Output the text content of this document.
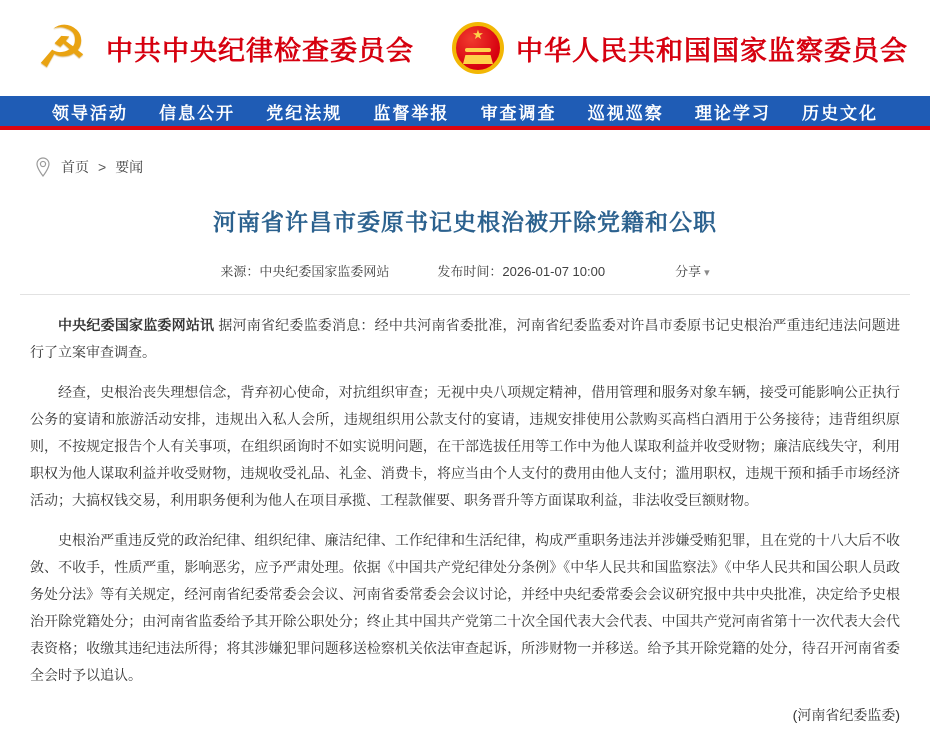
☭ 中共中央纪律检查委员会
★
中华人民共和国国家监察委员会
领导活动 信息公开 党纪法规 监督举报 审查调查 巡视巡察 理论学习 历史文化
首页 > 要闻
河南省许昌市委原书记史根治被开除党籍和公职
来源：中央纪委国家监委网站	发布时间：2026-01-07 10:00	分享 ▾

中央纪委国家监委网站讯 据河南省纪委监委消息：经中共河南省委批准，河南省纪委监委对许昌市委原书记史根治严重违纪违法问题进行了立案审查调查。

经查，史根治丧失理想信念，背弃初心使命，对抗组织审查；无视中央八项规定精神，借用管理和服务对象车辆，接受可能影响公正执行公务的宴请和旅游活动安排，违规出入私人会所，违规组织用公款支付的宴请，违规安排使用公款购买高档白酒用于公务接待；违背组织原则，不按规定报告个人有关事项，在组织函询时不如实说明问题，在干部选拔任用等工作中为他人谋取利益并收受财物；廉洁底线失守，利用职权为他人谋取利益并收受财物，违规收受礼品、礼金、消费卡，将应当由个人支付的费用由他人支付；滥用职权，违规干预和插手市场经济活动；大搞权钱交易，利用职务便利为他人在项目承揽、工程款催要、职务晋升等方面谋取利益，非法收受巨额财物。

史根治严重违反党的政治纪律、组织纪律、廉洁纪律、工作纪律和生活纪律，构成严重职务违法并涉嫌受贿犯罪，且在党的十八大后不收敛、不收手，性质严重，影响恶劣，应予严肃处理。依据《中国共产党纪律处分条例》《中华人民共和国监察法》《中华人民共和国公职人员政务处分法》等有关规定，经河南省纪委常委会会议、河南省委常委会会议讨论，并经中央纪委常委会会议研究报中共中央批准，决定给予史根治开除党籍处分；由河南省监委给予其开除公职处分；终止其中国共产党第二十次全国代表大会代表、中国共产党河南省第十一次代表大会代表资格；收缴其违纪违法所得；将其涉嫌犯罪问题移送检察机关依法审查起诉，所涉财物一并移送。给予其开除党籍的处分，待召开河南省委全会时予以追认。

(河南省纪委监委)
